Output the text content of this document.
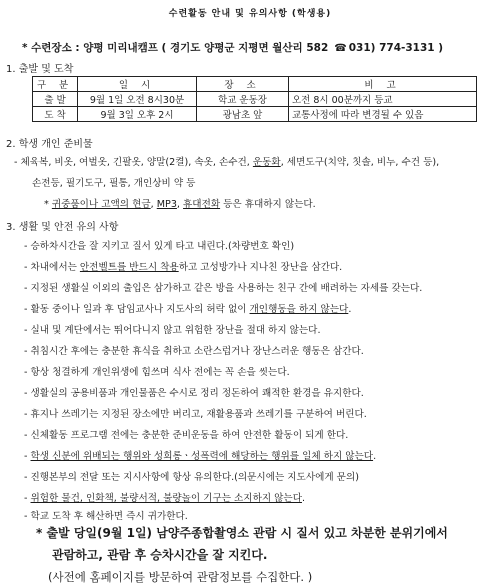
수련활동 안내 및 유의사항 (학생용)
* 수련장소 : 양평 미리내캠프 ( 경기도 양평군 지평면 월산리 582 ☎ 031) 774-3131 )
1. 출발 및 도착
구 분	일 시	장 소	비 고
출 발	9월 1일 오전 8시30분	학교 운동장	오전 8시 00분까지 등교
도 착	9월 3일 오후 2시	광남초 앞	교통사정에 따라 변경될 수 있음
2. 학생 개인 준비물
- 체육복, 비옷, 여벌옷, 긴팔옷, 양말(2켤), 속옷, 손수건, 운동화, 세면도구(치약, 칫솔, 비누, 수건 등),
손전등, 필기도구, 필통, 개인상비 약 등
* 귀중품이나 고액의 현금, MP3, 휴대전화 등은 휴대하지 않는다.
3. 생활 및 안전 유의 사항
- 승하차시간을 잘 지키고 질서 있게 타고 내린다.(차량번호 확인)
- 차내에서는 안전벨트를 반드시 착용하고 고성방가나 지나친 장난을 삼간다.
- 지정된 생활실 이외의 출입은 삼가하고 같은 방을 사용하는 친구 간에 배려하는 자세를 갖는다.
- 활동 중이나 일과 후 담임교사나 지도사의 허락 없이 개인행동을 하지 않는다.
- 실내 및 계단에서는 뛰어다니지 않고 위험한 장난을 절대 하지 않는다.
- 취침시간 후에는 충분한 휴식을 취하고 소란스럽거나 장난스러운 행동은 삼간다.
- 항상 청결하게 개인위생에 힘쓰며 식사 전에는 꼭 손을 씻는다.
- 생활실의 공용비품과 개인물품은 수시로 정리 정돈하여 쾌적한 환경을 유지한다.
- 휴지나 쓰레기는 지정된 장소에만 버리고, 재활용품과 쓰레기를 구분하여 버린다.
- 신체활동 프로그램 전에는 충분한 준비운동을 하여 안전한 활동이 되게 한다.
- 학생 신분에 위배되는 행위와 성희롱ㆍ성폭력에 해당하는 행위를 일체 하지 않는다.
- 진행본부의 전달 또는 지시사항에 항상 유의한다.(의문시에는 지도사에게 문의)
- 위험한 물건, 인화책, 불량서적, 불량놀이 기구는 소지하지 않는다.
- 학교 도착 후 해산하면 즉시 귀가한다.
* 출발 당일(9월 1일) 남양주종합촬영소 관람 시 질서 있고 차분한 분위기에서
관람하고, 관람 후 승차시간을 잘 지킨다.
(사전에 홈페이지를 방문하여 관람정보를 수집한다. )
